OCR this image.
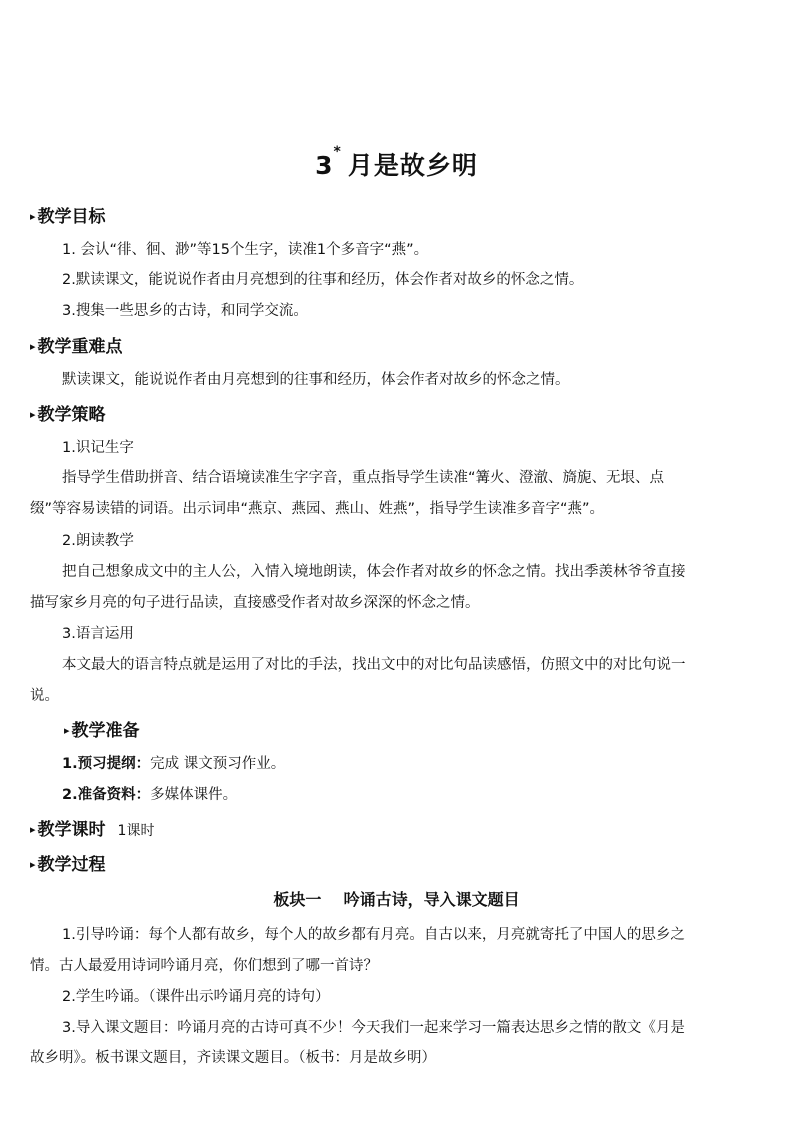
3* 月是故乡明
▸ 教学目标
1. 会认“徘、徊、渺”等15个生字，读准1个多音字“燕”。
2.默读课文，能说说作者由月亮想到的往事和经历，体会作者对故乡的怀念之情。
3.搜集一些思乡的古诗，和同学交流。
▸ 教学重难点
默读课文，能说说作者由月亮想到的往事和经历，体会作者对故乡的怀念之情。
▸ 教学策略
1.识记生字
指导学生借助拼音、结合语境读准生字字音，重点指导学生读准“篝火、澄澈、旖旎、无垠、点
缀”等容易读错的词语。出示词串“燕京、燕园、燕山、姓燕”，指导学生读准多音字“燕”。
2.朗读教学
把自己想象成文中的主人公，入情入境地朗读，体会作者对故乡的怀念之情。找出季羡林爷爷直接
描写家乡月亮的句子进行品读，直接感受作者对故乡深深的怀念之情。
3.语言运用
本文最大的语言特点就是运用了对比的手法，找出文中的对比句品读感悟，仿照文中的对比句说一
说。
▸ 教学准备
1.预习提纲：完成 课文预习作业。
2.准备资料：多媒体课件。
▸ 教学课时 1课时
▸ 教学过程
板块一    吟诵古诗，导入课文题目
1.引导吟诵：每个人都有故乡，每个人的故乡都有月亮。自古以来，月亮就寄托了中国人的思乡之
情。古人最爱用诗词吟诵月亮，你们想到了哪一首诗？
2.学生吟诵。（课件出示吟诵月亮的诗句）
3.导入课文题目：吟诵月亮的古诗可真不少！今天我们一起来学习一篇表达思乡之情的散文《月是
故乡明》。板书课文题目，齐读课文题目。（板书：月是故乡明）
